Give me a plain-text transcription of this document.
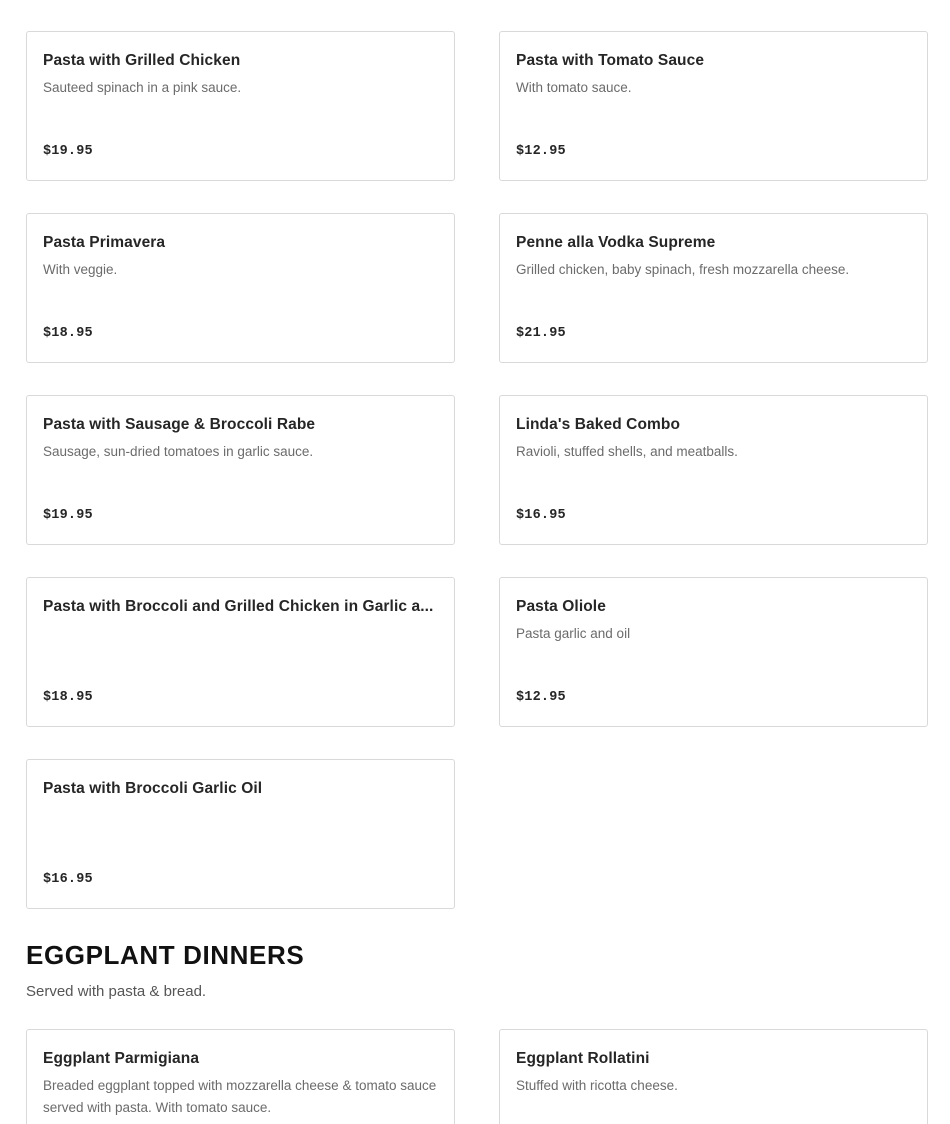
Pasta with Grilled Chicken
Sauteed spinach in a pink sauce.
$19.95
Pasta with Tomato Sauce
With tomato sauce.
$12.95
Pasta Primavera
With veggie.
$18.95
Penne alla Vodka Supreme
Grilled chicken, baby spinach, fresh mozzarella cheese.
$21.95
Pasta with Sausage & Broccoli Rabe
Sausage, sun-dried tomatoes in garlic sauce.
$19.95
Linda's Baked Combo
Ravioli, stuffed shells, and meatballs.
$16.95
Pasta with Broccoli and Grilled Chicken in Garlic a...
$18.95
Pasta Oliole
Pasta garlic and oil
$12.95
Pasta with Broccoli Garlic Oil
$16.95
EGGPLANT DINNERS
Served with pasta & bread.
Eggplant Parmigiana
Breaded eggplant topped with mozzarella cheese & tomato sauce served with pasta. With tomato sauce.
Eggplant Rollatini
Stuffed with ricotta cheese.
